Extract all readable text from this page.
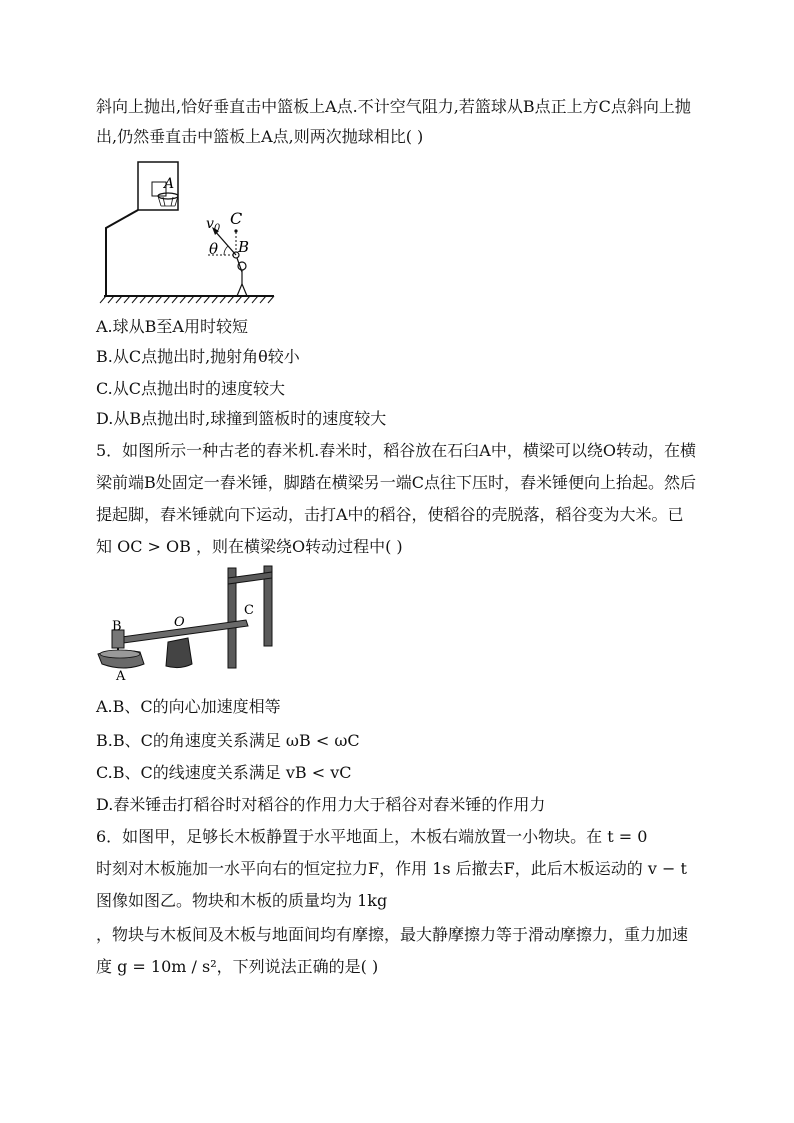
斜向上抛出,恰好垂直击中篮板上A点.不计空气阻力,若篮球从B点正上方C点斜向上抛
出,仍然垂直击中篮板上A点,则两次抛球相比( )
A
C
B
$v_0$
θ
A.球从B至A用时较短
B.从C点抛出时,抛射角θ较小
C.从C点抛出时的速度较大
D.从B点抛出时,球撞到篮板时的速度较大
5．如图所示一种古老的舂米机.舂米时，稻谷放在石臼A中，横梁可以绕O转动，在横
梁前端B处固定一舂米锤，脚踏在横梁另一端C点往下压时，舂米锤便向上抬起。然后
提起脚，舂米锤就向下运动，击打A中的稻谷，使稻谷的壳脱落，稻谷变为大米。已
知 OC > OB ，则在横梁绕O转动过程中( )
B	O
C
A
A.B、C的向心加速度相等
B.B、C的角速度关系满足 ωB < ωC
C.B、C的线速度关系满足 vB < vC
D.舂米锤击打稻谷时对稻谷的作用力大于稻谷对舂米锤的作用力
6．如图甲，足够长木板静置于水平地面上，木板右端放置一小物块。在 t = 0
时刻对木板施加一水平向右的恒定拉力F，作用 1s 后撤去F，此后木板运动的 v − t
图像如图乙。物块和木板的质量均为 1kg
，物块与木板间及木板与地面间均有摩擦，最大静摩擦力等于滑动摩擦力，重力加速
度 g = 10m / s²，下列说法正确的是( )
